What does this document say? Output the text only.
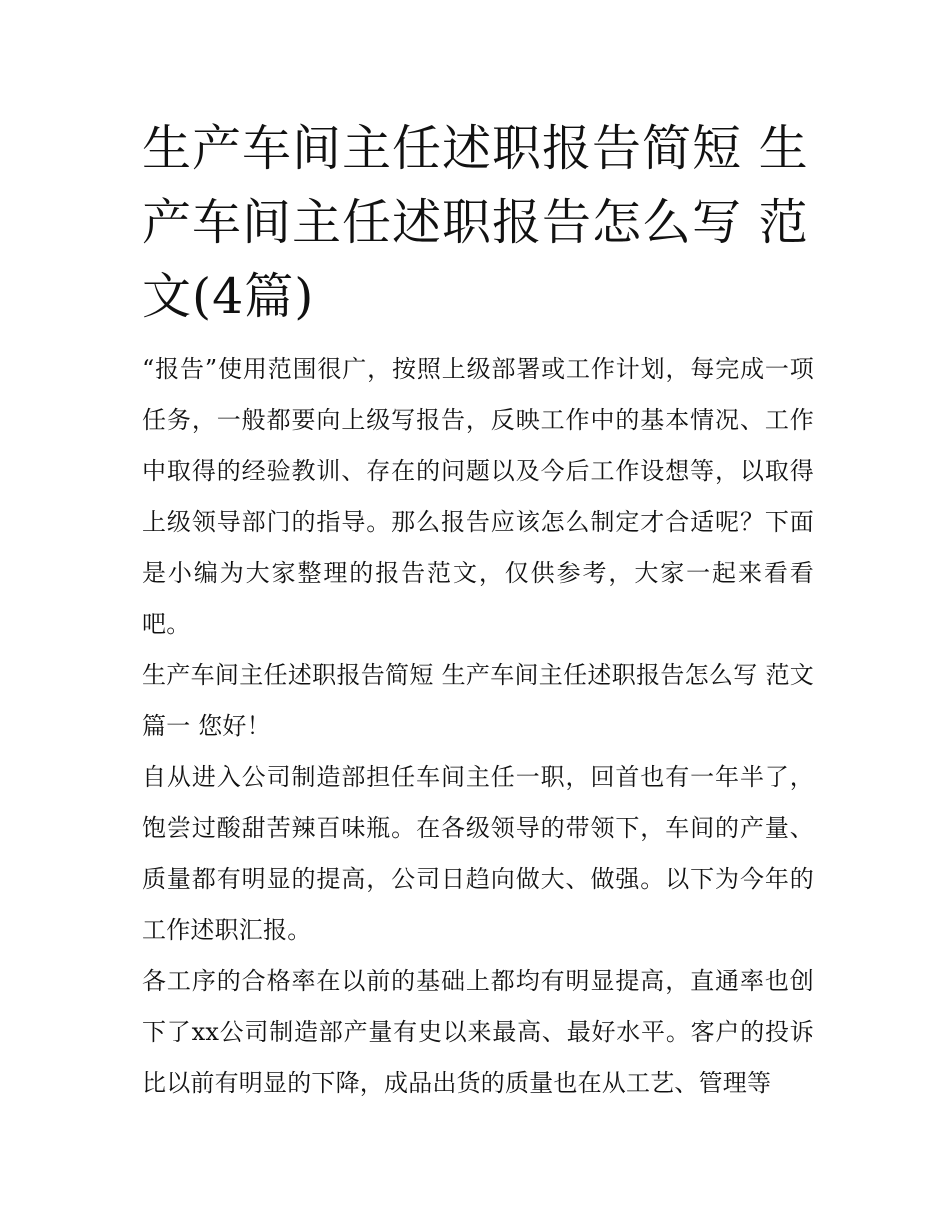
生产车间主任述职报告简短 生产车间主任述职报告怎么写 范文(4篇)

“报告”使用范围很广，按照上级部署或工作计划，每完成一项任务，一般都要向上级写报告，反映工作中的基本情况、工作中取得的经验教训、存在的问题以及今后工作设想等，以取得上级领导部门的指导。那么报告应该怎么制定才合适呢？下面是小编为大家整理的报告范文，仅供参考，大家一起来看看吧。

生产车间主任述职报告简短 生产车间主任述职报告怎么写 范文篇一 您好！

自从进入公司制造部担任车间主任一职，回首也有一年半了，饱尝过酸甜苦辣百味瓶。在各级领导的带领下，车间的产量、质量都有明显的提高，公司日趋向做大、做强。以下为今年的工作述职汇报。

各工序的合格率在以前的基础上都均有明显提高，直通率也创下了xx公司制造部产量有史以来最高、最好水平。客户的投诉比以前有明显的下降，成品出货的质量也在从工艺、管理等
